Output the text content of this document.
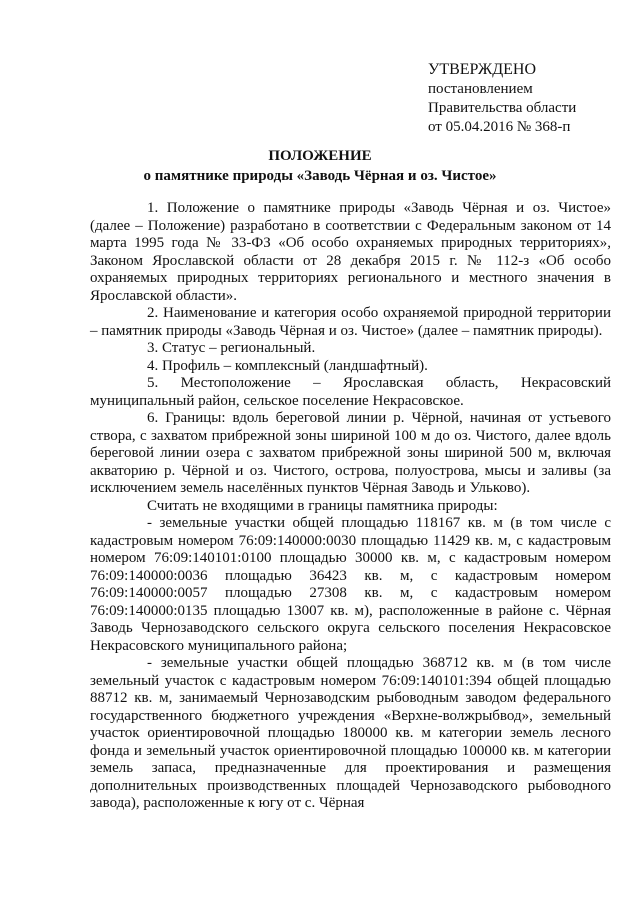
УТВЕРЖДЕНО
постановлением
Правительства области
от 05.04.2016 № 368-п
ПОЛОЖЕНИЕ
о памятнике природы «Заводь Чёрная и оз. Чистое»

1. Положение о памятнике природы «Заводь Чёрная и оз. Чистое» (далее – Положение) разработано в соответствии с Федеральным законом от 14 марта 1995 года № 33-ФЗ «Об особо охраняемых природных территориях», Законом Ярославской области от 28 декабря 2015 г. № 112-з «Об особо охраняемых природных территориях регионального и местного значения в Ярославской области».

2. Наименование и категория особо охраняемой природной территории – памятник природы «Заводь Чёрная и оз. Чистое» (далее – памятник природы).

3. Статус – региональный.

4. Профиль – комплексный (ландшафтный).

5. Местоположение – Ярославская область, Некрасовский муниципальный район, сельское поселение Некрасовское.

6. Границы: вдоль береговой линии р. Чёрной, начиная от устьевого створа, с захватом прибрежной зоны шириной 100 м до оз. Чистого, далее вдоль береговой линии озера с захватом прибрежной зоны шириной 500 м, включая акваторию р. Чёрной и оз. Чистого, острова, полуострова, мысы и заливы (за исключением земель населённых пунктов Чёрная Заводь и Ульково).

Считать не входящими в границы памятника природы:

- земельные участки общей площадью 118167 кв. м (в том числе с кадастровым номером 76:09:140000:0030 площадью 11429 кв. м, с кадастровым номером 76:09:140101:0100 площадью 30000 кв. м, с кадастровым номером 76:09:140000:0036 площадью 36423 кв. м, с кадастровым номером 76:09:140000:0057 площадью 27308 кв. м, с кадастровым номером 76:09:140000:0135 площадью 13007 кв. м), расположенные в районе с. Чёрная Заводь Чернозаводского сельского округа сельского поселения Некрасовское Некрасовского муниципального района;

- земельные участки общей площадью 368712 кв. м (в том числе земельный участок с кадастровым номером 76:09:140101:394 общей площадью 88712 кв. м, занимаемый Чернозаводским рыбоводным заводом федерального государственного бюджетного учреждения «Верхне-волжрыбвод», земельный участок ориентировочной площадью 180000 кв. м категории земель лесного фонда и земельный участок ориентировочной площадью 100000 кв. м категории земель запаса, предназначенные для проектирования и размещения дополнительных производственных площадей Чернозаводского рыбоводного завода), расположенные к югу от с. Чёрная
